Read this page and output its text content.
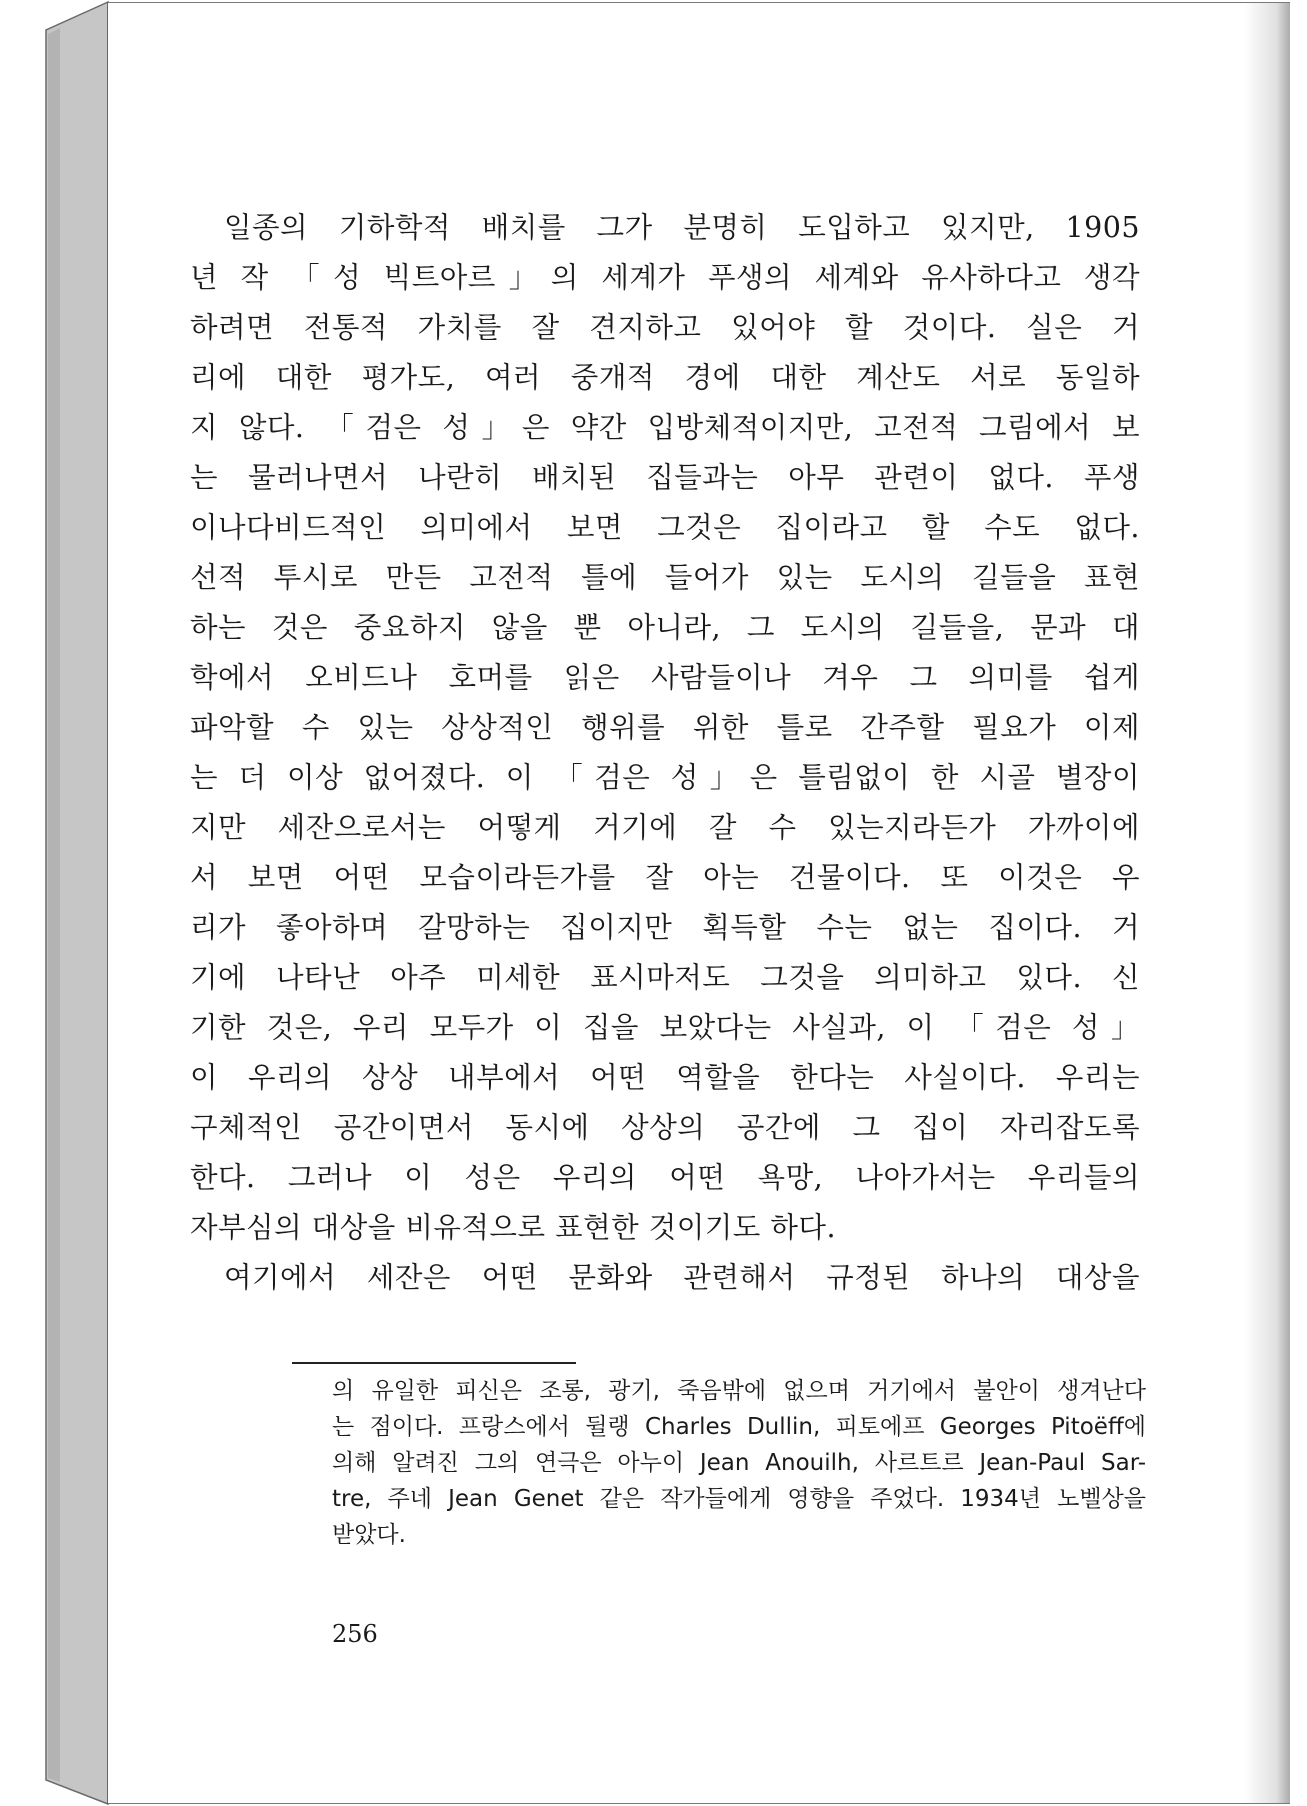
일종의 기하학적 배치를 그가 분명히 도입하고 있지만, 1905
년 작 「성 빅트아르」의 세계가 푸생의 세계와 유사하다고 생각
하려면 전통적 가치를 잘 견지하고 있어야 할 것이다. 실은 거
리에 대한 평가도, 여러 중개적 경에 대한 계산도 서로 동일하
지 않다. 「검은 성」은 약간 입방체적이지만, 고전적 그림에서 보
는 물러나면서 나란히 배치된 집들과는 아무 관련이 없다. 푸생
이나다비드적인 의미에서 보면 그것은 집이라고 할 수도 없다.
선적 투시로 만든 고전적 틀에 들어가 있는 도시의 길들을 표현
하는 것은 중요하지 않을 뿐 아니라, 그 도시의 길들을, 문과 대
학에서 오비드나 호머를 읽은 사람들이나 겨우 그 의미를 쉽게
파악할 수 있는 상상적인 행위를 위한 틀로 간주할 필요가 이제
는 더 이상 없어졌다. 이 「검은 성」은 틀림없이 한 시골 별장이
지만 세잔으로서는 어떻게 거기에 갈 수 있는지라든가 가까이에
서 보면 어떤 모습이라든가를 잘 아는 건물이다. 또 이것은 우
리가 좋아하며 갈망하는 집이지만 획득할 수는 없는 집이다. 거
기에 나타난 아주 미세한 표시마저도 그것을 의미하고 있다. 신
기한 것은, 우리 모두가 이 집을 보았다는 사실과, 이 「검은 성」
이 우리의 상상 내부에서 어떤 역할을 한다는 사실이다. 우리는
구체적인 공간이면서 동시에 상상의 공간에 그 집이 자리잡도록
한다. 그러나 이 성은 우리의 어떤 욕망, 나아가서는 우리들의
자부심의 대상을 비유적으로 표현한 것이기도 하다.
여기에서 세잔은 어떤 문화와 관련해서 규정된 하나의 대상을
의 유일한 피신은 조롱, 광기, 죽음밖에 없으며 거기에서 불안이 생겨난다
는 점이다. 프랑스에서 뒬랭 Charles Dullin, 피토에프 Georges Pitoëff에
의해 알려진 그의 연극은 아누이 Jean Anouilh, 사르트르 Jean-Paul Sar-
tre, 주네 Jean Genet 같은 작가들에게 영향을 주었다. 1934년 노벨상을
받았다.
256
